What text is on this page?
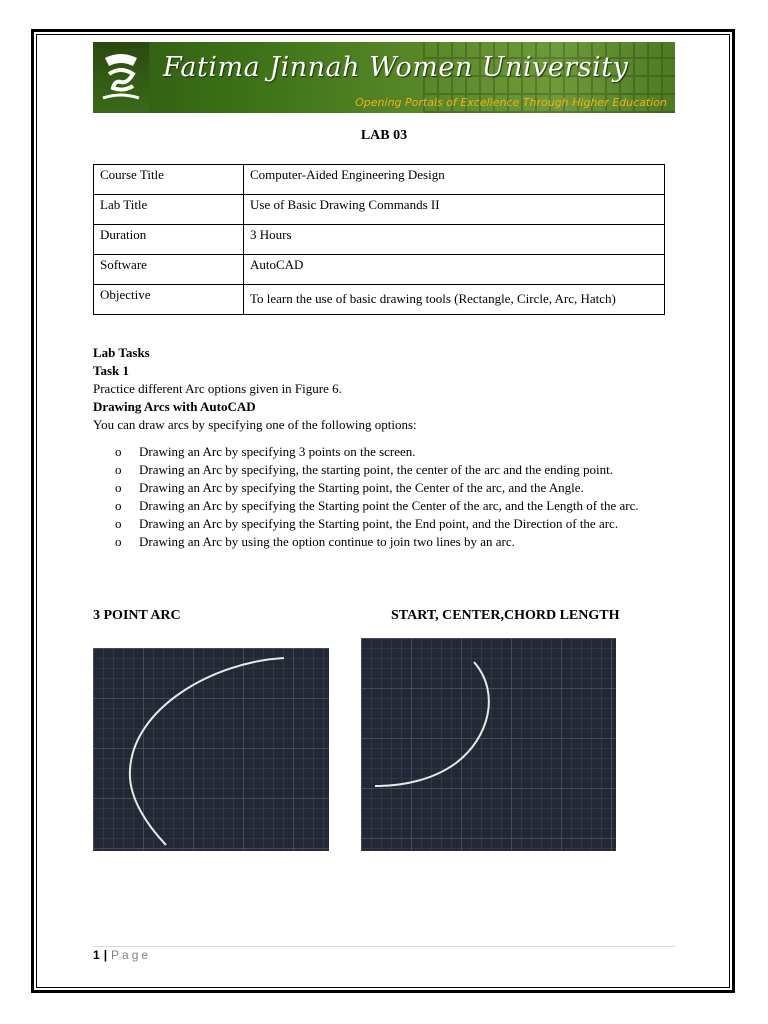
Fatima Jinnah Women University
Opening Portals of Excellence Through Higher Education
LAB 03
Course Title	Computer-Aided Engineering Design
Lab Title	Use of Basic Drawing Commands II
Duration	3 Hours
Software	AutoCAD
Objective	To learn the use of basic drawing tools (Rectangle, Circle, Arc, Hatch)
Lab Tasks
Task 1
Practice different Arc options given in Figure 6.
Drawing Arcs with AutoCAD
You can draw arcs by specifying one of the following options:
o Drawing an Arc by specifying 3 points on the screen.
o Drawing an Arc by specifying, the starting point, the center of the arc and the ending point.
o Drawing an Arc by specifying the Starting point, the Center of the arc, and the Angle.
o Drawing an Arc by specifying the Starting point the Center of the arc, and the Length of the arc.
o Drawing an Arc by specifying the Starting point, the End point, and the Direction of the arc.
o Drawing an Arc by using the option continue to join two lines by an arc.
3 POINT ARC	START, CENTER,CHORD LENGTH
1 | Page
